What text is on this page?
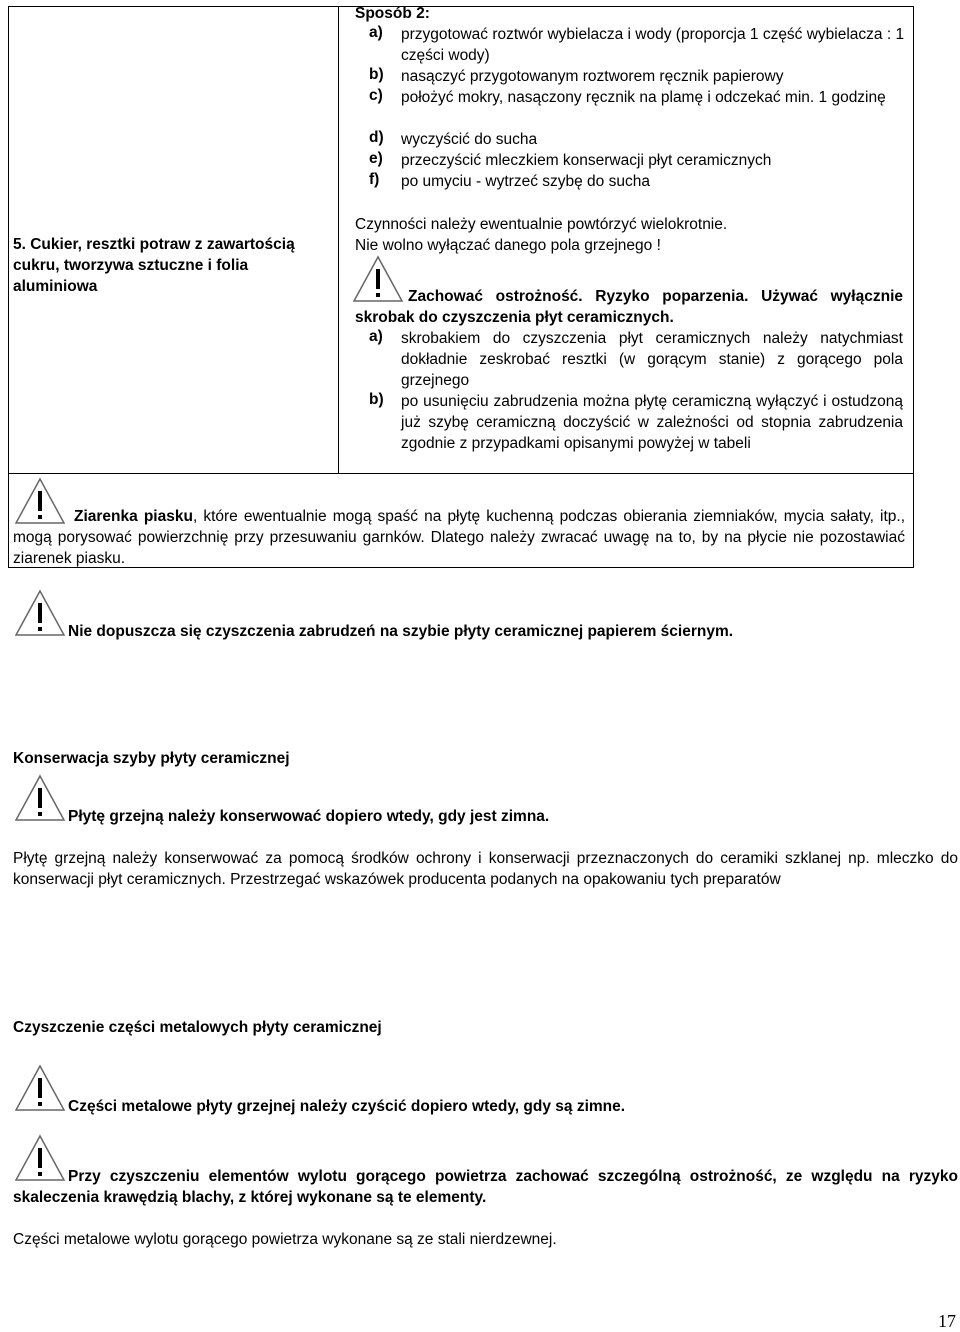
5. Cukier, resztki potraw z zawartością cukru, tworzywa sztuczne i folia aluminiowa
Sposób 2:
a) przygotować roztwór wybielacza i wody (proporcja 1 część wybielacza : 1 części wody)
b) nasączyć przygotowanym roztworem ręcznik papierowy
c) położyć mokry, nasączony ręcznik na plamę i odczekać min. 1 godzinę
d) wyczyścić do sucha
e) przeczyścić mleczkiem konserwacji płyt ceramicznych
f) po umyciu - wytrzeć szybę do sucha
Czynności należy ewentualnie powtórzyć wielokrotnie.
Nie wolno wyłączać danego pola grzejnego !
Zachować ostrożność. Ryzyko poparzenia. Używać wyłącznie skrobak do czyszczenia płyt ceramicznych.
a) skrobakiem do czyszczenia płyt ceramicznych należy natychmiast dokładnie zeskrobać resztki (w gorącym stanie) z gorącego pola grzejnego
b) po usunięciu zabrudzenia można płytę ceramiczną wyłączyć i ostudzoną już szybę ceramiczną doczyścić w zależności od stopnia zabrudzenia zgodnie z przypadkami opisanymi powyżej w tabeli
Ziarenka piasku, które ewentualnie mogą spaść na płytę kuchenną podczas obierania ziemniaków, mycia sałaty, itp., mogą porysować powierzchnię przy przesuwaniu garnków. Dlatego należy zwracać uwagę na to, by na płycie nie pozostawiać ziarenek piasku.
Nie dopuszcza się czyszczenia zabrudzeń na szybie płyty ceramicznej papierem ściernym.
Konserwacja szyby płyty ceramicznej
Płytę grzejną należy konserwować dopiero wtedy, gdy jest zimna.
Płytę grzejną należy konserwować za pomocą środków ochrony i konserwacji przeznaczonych do ceramiki szklanej np. mleczko do konserwacji płyt ceramicznych. Przestrzegać wskazówek producenta podanych na opakowaniu tych preparatów
Czyszczenie części metalowych płyty ceramicznej
Części metalowe płyty grzejnej należy czyścić dopiero wtedy, gdy są zimne.
Przy czyszczeniu elementów wylotu gorącego powietrza zachować szczególną ostrożność, ze względu na ryzyko skaleczenia krawędzią blachy, z której wykonane są te elementy.
Części metalowe wylotu gorącego powietrza wykonane są ze stali nierdzewnej.
17
